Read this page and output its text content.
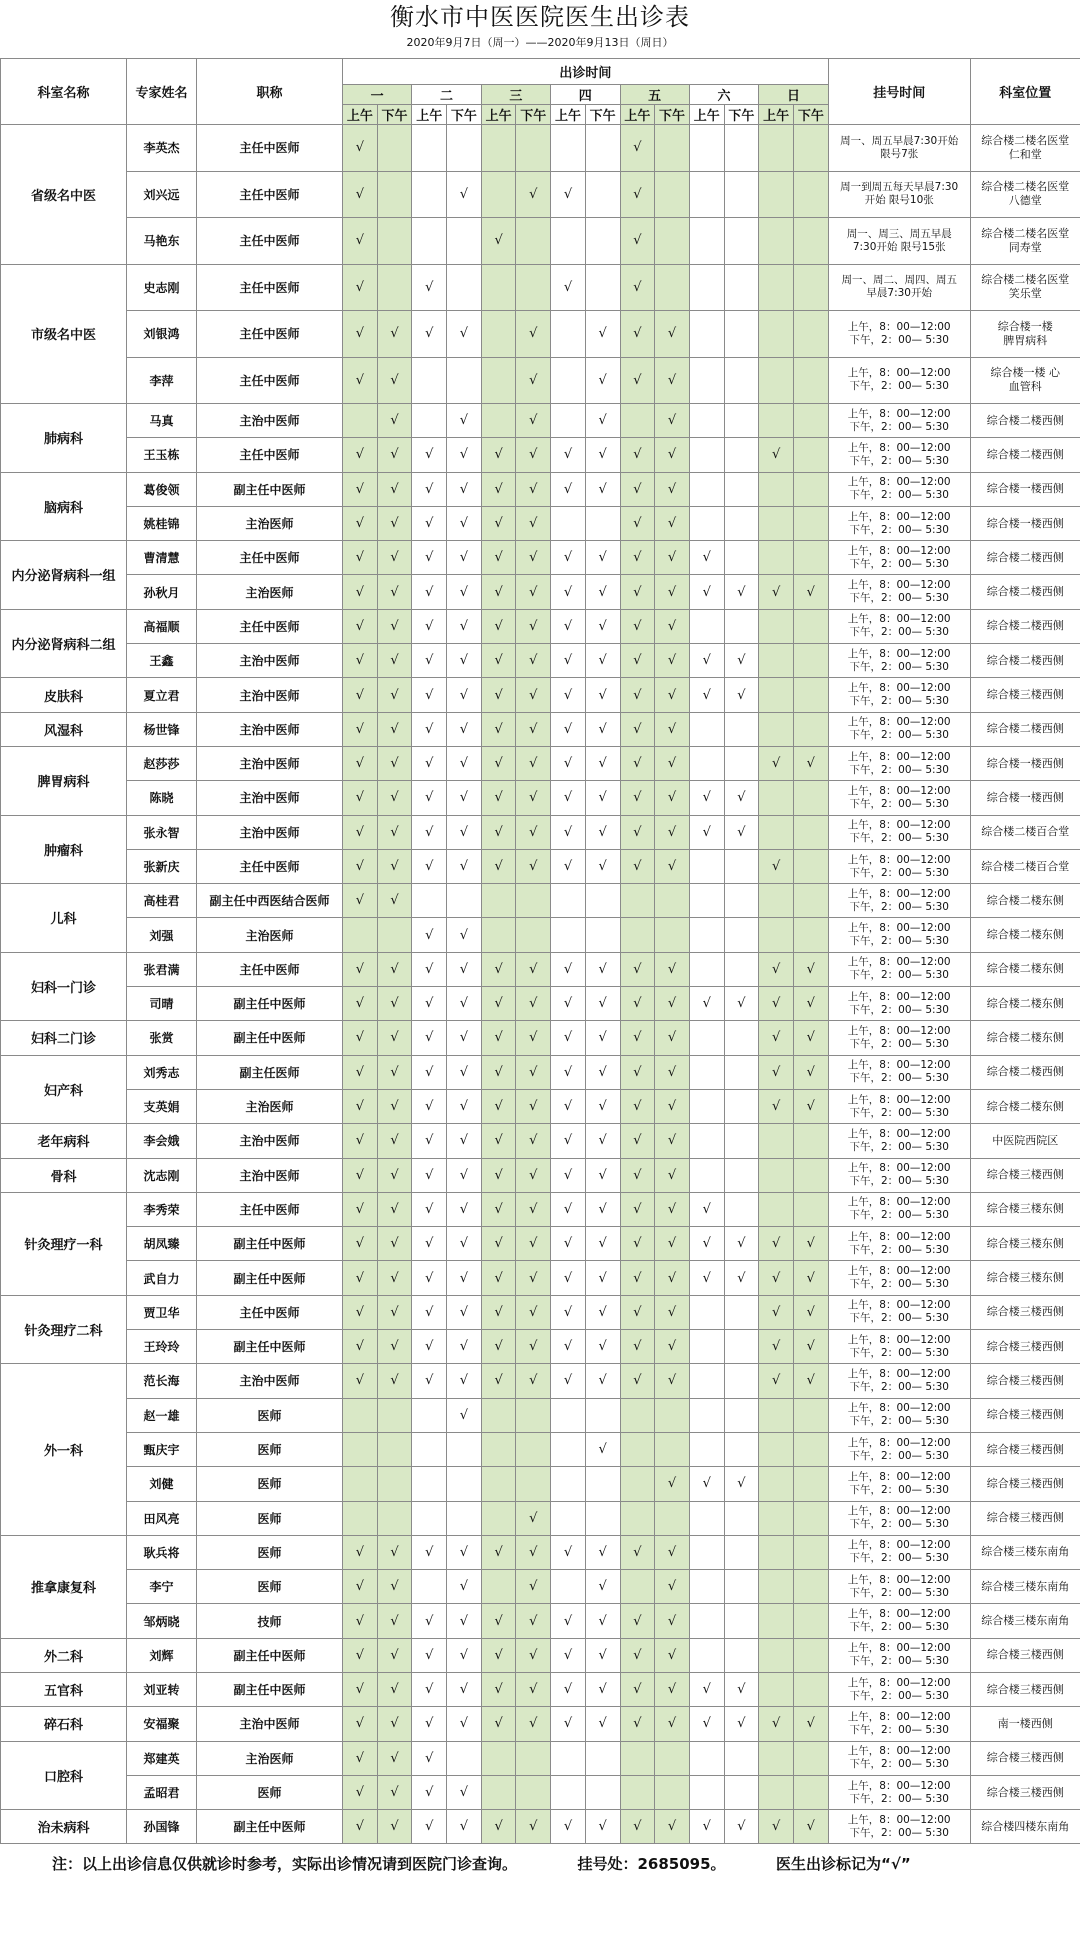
衡水市中医医院医生出诊表
2020年9月7日（周一）——2020年9月13日（周日）
科室名称	专家姓名	职称	出诊时间														挂号时间	科室位置
			一		二		三		四		五		六		日			
			上午	下午	上午	下午	上午	下午	上午	下午	上午	下午	上午	下午	上午	下午		
省级名中医	李英杰	主任中医师	√								√						周一、周五早晨7:30开始
限号7张	综合楼二楼名医堂
仁和堂
	刘兴远	主任中医师	√			√		√	√		√						周一到周五每天早晨7:30
开始 限号10张	综合楼二楼名医堂
八德堂
	马艳东	主任中医师	√				√				√						周一、周三、周五早晨
7:30开始 限号15张	综合楼二楼名医堂
同寿堂
市级名中医	史志刚	主任中医师	√		√				√		√						周一、周二、周四、周五
早晨7:30开始	综合楼二楼名医堂
笑乐堂
	刘银鸿	主任中医师	√	√	√	√		√		√	√	√					上午，8：00—12:00
下午，2：00— 5:30	综合楼一楼
脾胃病科
	李萍	主任中医师	√	√				√		√	√	√					上午，8：00—12:00
下午，2：00— 5:30	综合楼一楼 心
血管科
肺病科	马真	主治中医师		√		√		√		√		√					上午，8：00—12:00
下午，2：00— 5:30	综合楼二楼西侧
	王玉栋	主任中医师	√	√	√	√	√	√	√	√	√	√			√		上午，8：00—12:00
下午，2：00— 5:30	综合楼二楼西侧
脑病科	葛俊领	副主任中医师	√	√	√	√	√	√	√	√	√	√					上午，8：00—12:00
下午，2：00— 5:30	综合楼一楼西侧
	姚桂锦	主治医师	√	√	√	√	√	√			√	√					上午，8：00—12:00
下午，2：00— 5:30	综合楼一楼西侧
内分泌肾病科一组	曹清慧	主任中医师	√	√	√	√	√	√	√	√	√	√	√				上午，8：00—12:00
下午，2：00— 5:30	综合楼二楼西侧
	孙秋月	主治医师	√	√	√	√	√	√	√	√	√	√	√	√	√	√	上午，8：00—12:00
下午，2：00— 5:30	综合楼二楼西侧
内分泌肾病科二组	高福顺	主任中医师	√	√	√	√	√	√	√	√	√	√					上午，8：00—12:00
下午，2：00— 5:30	综合楼二楼西侧
	王鑫	主治中医师	√	√	√	√	√	√	√	√	√	√	√	√			上午，8：00—12:00
下午，2：00— 5:30	综合楼二楼西侧
皮肤科	夏立君	主治中医师	√	√	√	√	√	√	√	√	√	√	√	√			上午，8：00—12:00
下午，2：00— 5:30	综合楼三楼西侧
风湿科	杨世锋	主治中医师	√	√	√	√	√	√	√	√	√	√					上午，8：00—12:00
下午，2：00— 5:30	综合楼二楼西侧
脾胃病科	赵莎莎	主治中医师	√	√	√	√	√	√	√	√	√	√			√	√	上午，8：00—12:00
下午，2：00— 5:30	综合楼一楼西侧
	陈晓	主治中医师	√	√	√	√	√	√	√	√	√	√	√	√			上午，8：00—12:00
下午，2：00— 5:30	综合楼一楼西侧
肿瘤科	张永智	主治中医师	√	√	√	√	√	√	√	√	√	√	√	√			上午，8：00—12:00
下午，2：00— 5:30	综合楼二楼百合堂
	张新庆	主任中医师	√	√	√	√	√	√	√	√	√	√			√		上午，8：00—12:00
下午，2：00— 5:30	综合楼二楼百合堂
儿科	高桂君	副主任中西医结合医师	√	√													上午，8：00—12:00
下午，2：00— 5:30	综合楼二楼东侧
	刘强	主治医师			√	√											上午，8：00—12:00
下午，2：00— 5:30	综合楼二楼东侧
妇科一门诊	张君满	主任中医师	√	√	√	√	√	√	√	√	√	√			√	√	上午，8：00—12:00
下午，2：00— 5:30	综合楼二楼东侧
	司晴	副主任中医师	√	√	√	√	√	√	√	√	√	√	√	√	√	√	上午，8：00—12:00
下午，2：00— 5:30	综合楼二楼东侧
妇科二门诊	张赏	副主任中医师	√	√	√	√	√	√	√	√	√	√			√	√	上午，8：00—12:00
下午，2：00— 5:30	综合楼二楼东侧
妇产科	刘秀志	副主任医师	√	√	√	√	√	√	√	√	√	√			√	√	上午，8：00—12:00
下午，2：00— 5:30	综合楼二楼西侧
	支英娟	主治医师	√	√	√	√	√	√	√	√	√	√			√	√	上午，8：00—12:00
下午，2：00— 5:30	综合楼二楼东侧
老年病科	李会娥	主治中医师	√	√	√	√	√	√	√	√	√	√					上午，8：00—12:00
下午，2：00— 5:30	中医院西院区
骨科	沈志刚	主治中医师	√	√	√	√	√	√	√	√	√	√					上午，8：00—12:00
下午，2：00— 5:30	综合楼三楼西侧
针灸理疗一科	李秀荣	主任中医师	√	√	√	√	√	√	√	√	√	√	√				上午，8：00—12:00
下午，2：00— 5:30	综合楼三楼东侧
	胡凤臻	副主任中医师	√	√	√	√	√	√	√	√	√	√	√	√	√	√	上午，8：00—12:00
下午，2：00— 5:30	综合楼三楼东侧
	武自力	副主任中医师	√	√	√	√	√	√	√	√	√	√	√	√	√	√	上午，8：00—12:00
下午，2：00— 5:30	综合楼三楼东侧
针灸理疗二科	贾卫华	主任中医师	√	√	√	√	√	√	√	√	√	√			√	√	上午，8：00—12:00
下午，2：00— 5:30	综合楼三楼西侧
	王玲玲	副主任中医师	√	√	√	√	√	√	√	√	√	√			√	√	上午，8：00—12:00
下午，2：00— 5:30	综合楼三楼西侧
外一科	范长海	主治中医师	√	√	√	√	√	√	√	√	√	√			√	√	上午，8：00—12:00
下午，2：00— 5:30	综合楼三楼西侧
	赵一雄	医师				√											上午，8：00—12:00
下午，2：00— 5:30	综合楼三楼西侧
	甄庆宇	医师								√							上午，8：00—12:00
下午，2：00— 5:30	综合楼三楼西侧
	刘健	医师										√	√	√			上午，8：00—12:00
下午，2：00— 5:30	综合楼三楼西侧
	田风亮	医师						√									上午，8：00—12:00
下午，2：00— 5:30	综合楼三楼西侧
推拿康复科	耿兵将	医师	√	√	√	√	√	√	√	√	√	√					上午，8：00—12:00
下午，2：00— 5:30	综合楼三楼东南角
	李宁	医师	√	√		√		√		√		√					上午，8：00—12:00
下午，2：00— 5:30	综合楼三楼东南角
	邹炳晓	技师	√	√	√	√	√	√	√	√	√	√					上午，8：00—12:00
下午，2：00— 5:30	综合楼三楼东南角
外二科	刘辉	副主任中医师	√	√	√	√	√	√	√	√	√	√					上午，8：00—12:00
下午，2：00— 5:30	综合楼三楼西侧
五官科	刘亚转	副主任中医师	√	√	√	√	√	√	√	√	√	√	√	√			上午，8：00—12:00
下午，2：00— 5:30	综合楼三楼西侧
碎石科	安福聚	主治中医师	√	√	√	√	√	√	√	√	√	√	√	√	√	√	上午，8：00—12:00
下午，2：00— 5:30	南一楼西侧
口腔科	郑建英	主治医师	√	√	√												上午，8：00—12:00
下午，2：00— 5:30	综合楼三楼西侧
	孟昭君	医师	√	√	√	√											上午，8：00—12:00
下午，2：00— 5:30	综合楼三楼西侧
治未病科	孙国锋	副主任中医师	√	√	√	√	√	√	√	√	√	√	√	√	√	√	上午，8：00—12:00
下午，2：00— 5:30	综合楼四楼东南角
注：以上出诊信息仅供就诊时参考，实际出诊情况请到医院门诊查询。	挂号处：2685095。	医生出诊标记为“√”
